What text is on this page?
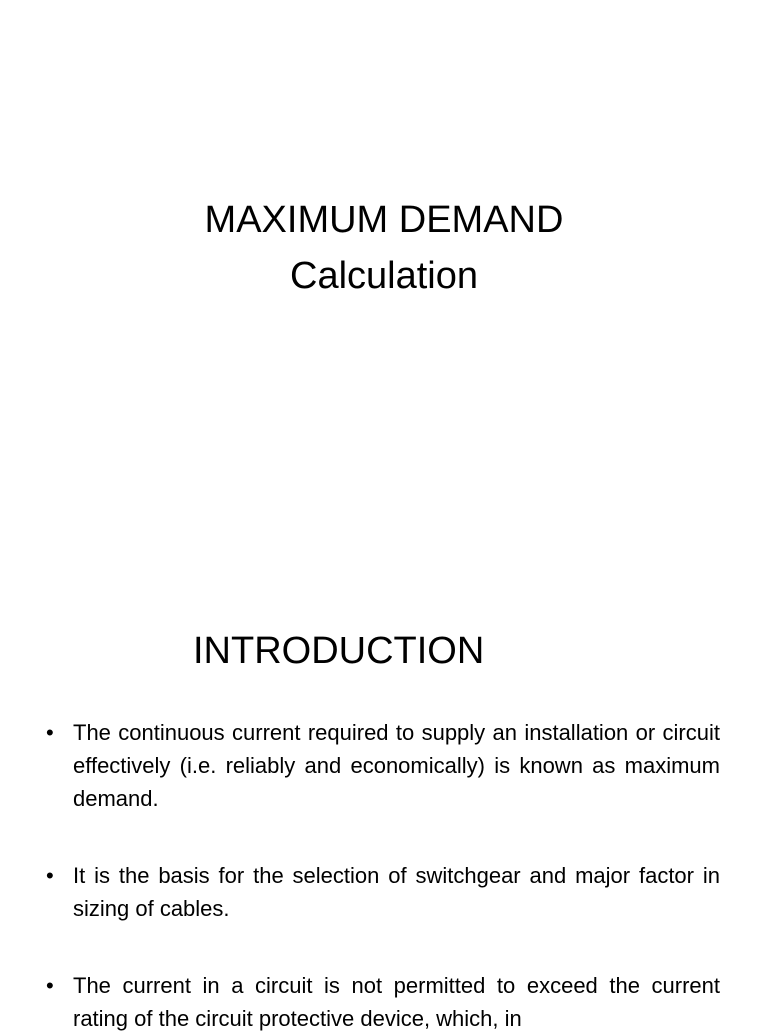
MAXIMUM DEMAND
Calculation
INTRODUCTION
• The continuous current required to supply an installation or circuit effectively (i.e. reliably and economically) is known as maximum demand.
• It is the basis for the selection of switchgear and major factor in sizing of cables.
• The current in a circuit is not permitted to exceed the current rating of the circuit protective device, which, in
